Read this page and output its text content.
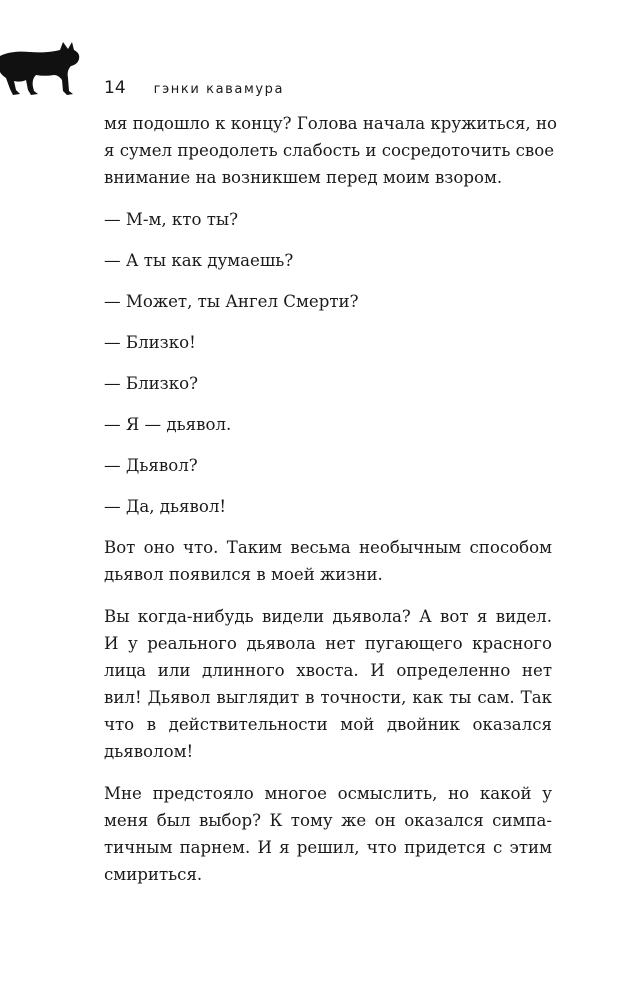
14 гэнки кавамура
мя подошло к концу? Голова начала кружиться, но
я сумел преодолеть слабость и сосредоточить свое
внимание на возникшем перед моим взором.
— М-м, кто ты?
— А ты как думаешь?
— Может, ты Ангел Смерти?
— Близко!
— Близко?
— Я — дьявол.
— Дьявол?
— Да, дьявол!
Вот оно что. Таким весьма необычным способом
дьявол появился в моей жизни.
Вы когда-нибудь видели дьявола? А вот я видел.
И у реального дьявола нет пугающего красного
лица или длинного хвоста. И определенно нет
вил! Дьявол выглядит в точности, как ты сам. Так
что в действительности мой двойник оказался
дьяволом!
Мне предстояло многое осмыслить, но какой у
меня был выбор? К тому же он оказался симпа-
тичным парнем. И я решил, что придется с этим
смириться.
